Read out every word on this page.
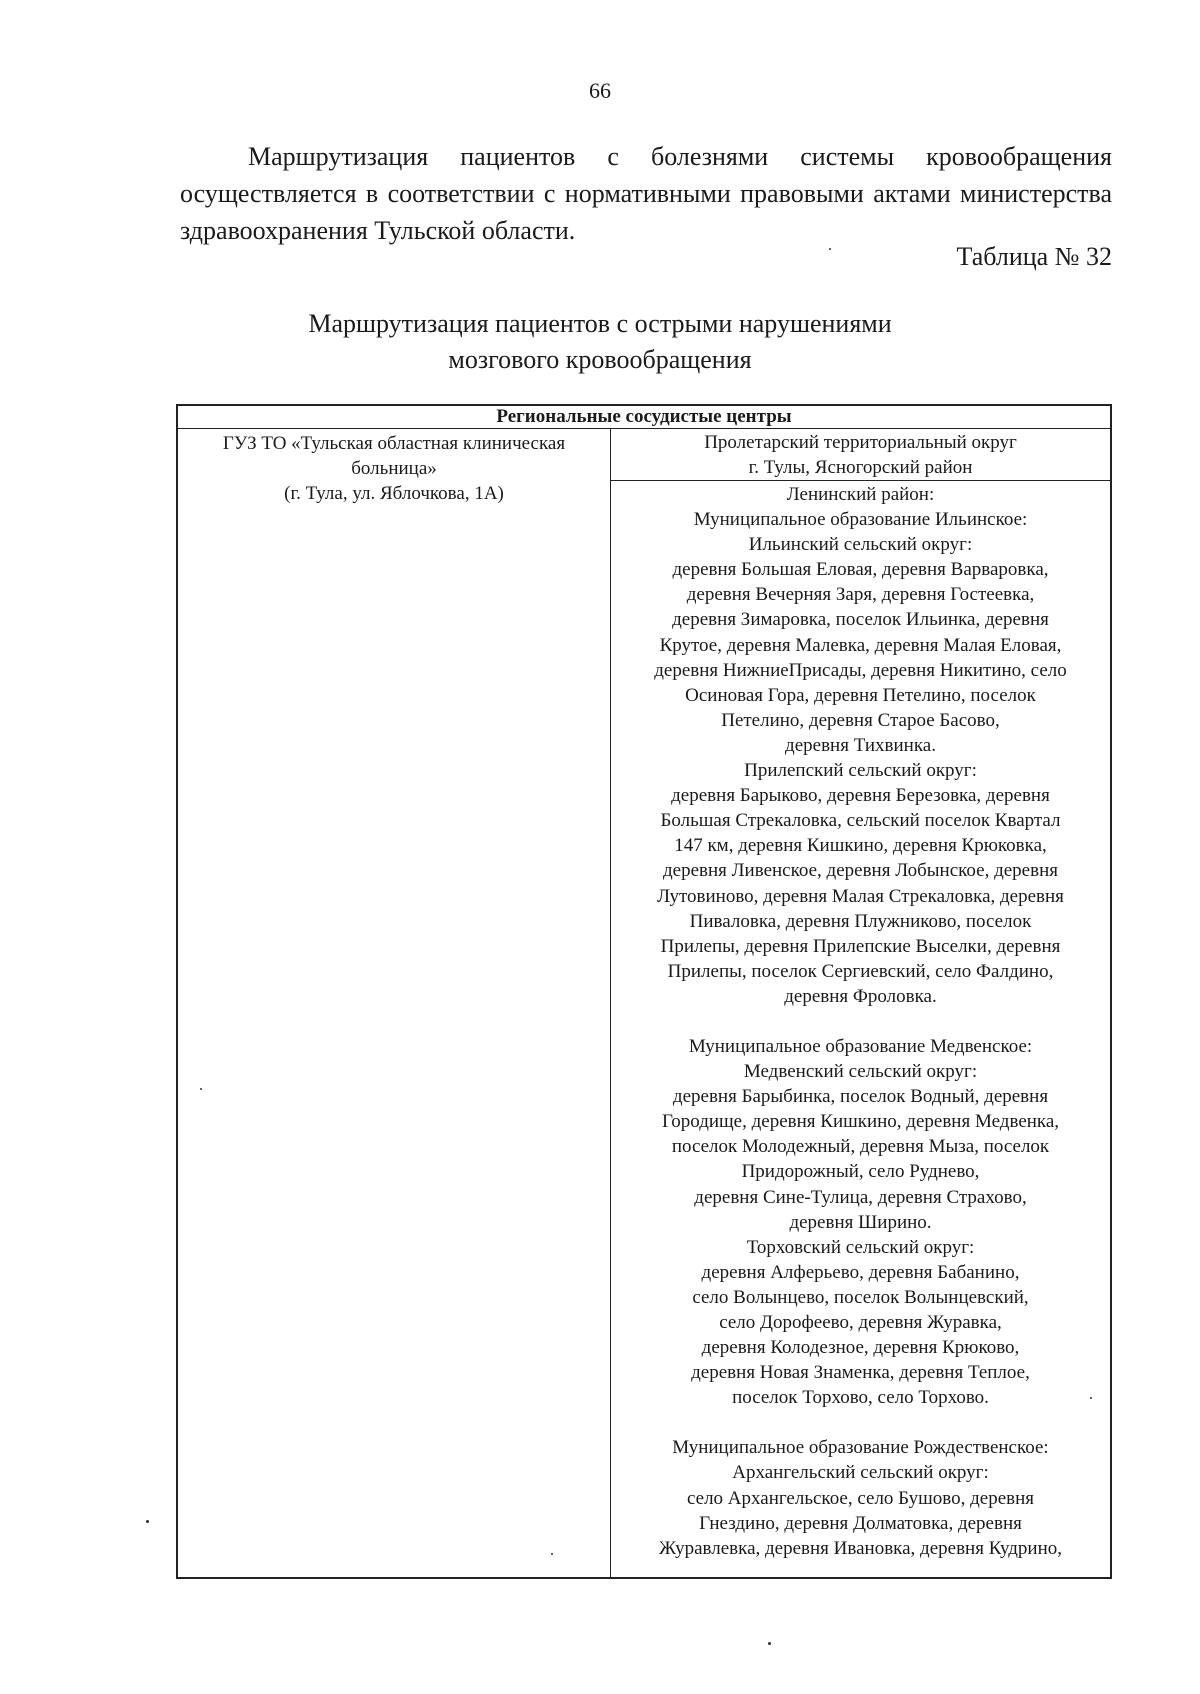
66

Маршрутизация пациентов с болезнями системы кровообращения осуществляется в соответствии с нормативными правовыми актами министерства здравоохранения Тульской области.

Таблица № 32
Маршрутизация пациентов с острыми нарушениями
мозгового кровообращения
Региональные сосудистые центры
ГУЗ ТО «Тульская областная клиническая
больница»
(г. Тула, ул. Яблочкова, 1А)
Пролетарский территориальный округ
г. Тулы, Ясногорский район
Ленинский район:
Муниципальное образование Ильинское:
Ильинский сельский округ:
деревня Большая Еловая, деревня Варваровка,
деревня Вечерняя Заря, деревня Гостеевка,
деревня Зимаровка, поселок Ильинка, деревня
Крутое, деревня Малевка, деревня Малая Еловая,
деревня НижниеПрисады, деревня Никитино, село
Осиновая Гора, деревня Петелино, поселок
Петелино, деревня Старое Басово,
деревня Тихвинка.
Прилепский сельский округ:
деревня Барыково, деревня Березовка, деревня
Большая Стрекаловка, сельский поселок Квартал
147 км, деревня Кишкино, деревня Крюковка,
деревня Ливенское, деревня Лобынское, деревня
Лутовиново, деревня Малая Стрекаловка, деревня
Пиваловка, деревня Плужниково, поселок
Прилепы, деревня Прилепские Выселки, деревня
Прилепы, поселок Сергиевский, село Фалдино,
деревня Фроловка.
Муниципальное образование Медвенское:
Медвенский сельский округ:
деревня Барыбинка, поселок Водный, деревня
Городище, деревня Кишкино, деревня Медвенка,
поселок Молодежный, деревня Мыза, поселок
Придорожный, село Руднево,
деревня Сине-Тулица, деревня Страхово,
деревня Ширино.
Торховский сельский округ:
деревня Алферьево, деревня Бабанино,
село Волынцево, поселок Волынцевский,
село Дорофеево, деревня Журавка,
деревня Колодезное, деревня Крюково,
деревня Новая Знаменка, деревня Теплое,
поселок Торхово, село Торхово.
Муниципальное образование Рождественское:
Архангельский сельский округ:
село Архангельское, село Бушово, деревня
Гнездино, деревня Долматовка, деревня
Журавлевка, деревня Ивановка, деревня Кудрино,
